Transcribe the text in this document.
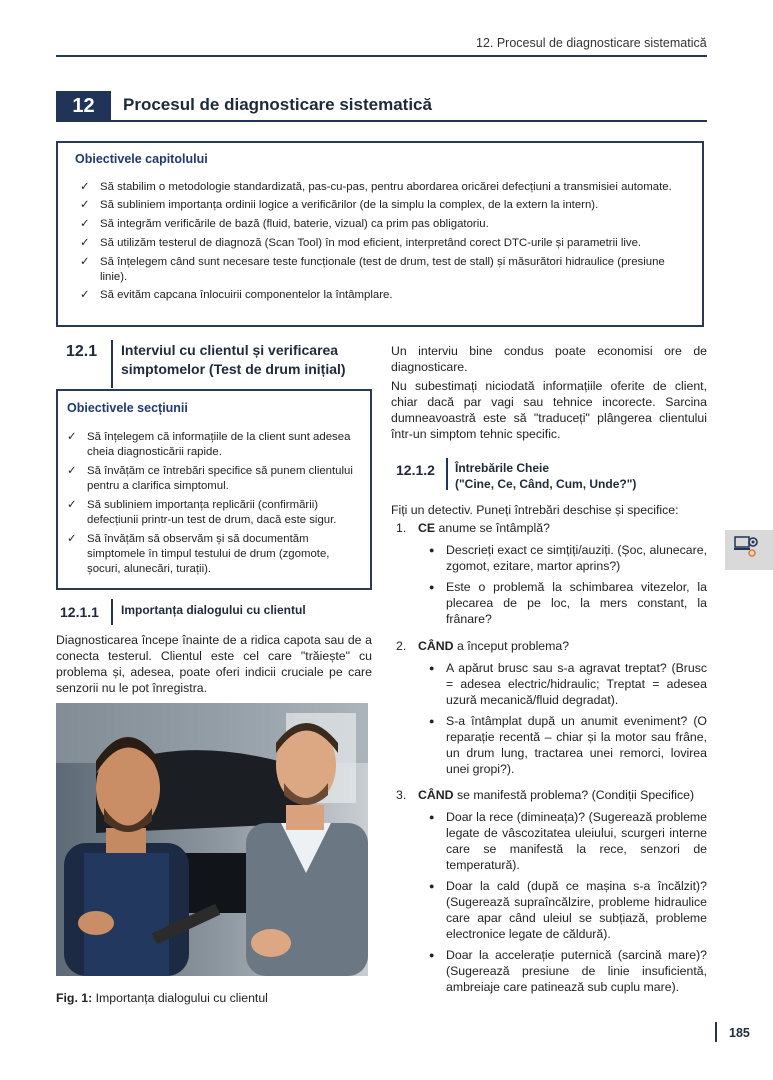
12. Procesul de diagnosticare sistematică
12	Procesul de diagnosticare sistematică
Obiectivele capitolului
✓ Să stabilim o metodologie standardizată, pas-cu-pas, pentru abordarea oricărei defecțiuni a transmisiei automate.
✓ Să subliniem importanța ordinii logice a verificărilor (de la simplu la complex, de la extern la intern).
✓ Să integrăm verificările de bază (fluid, baterie, vizual) ca prim pas obligatoriu.
✓ Să utilizăm testerul de diagnoză (Scan Tool) în mod eficient, interpretând corect DTC-urile și parametrii live.
✓ Să înțelegem când sunt necesare teste funcționale (test de drum, test de stall) și măsurători hidraulice (presiune linie).
✓ Să evităm capcana înlocuirii componentelor la întâmplare.
12.1 Interviul cu clientul și verificarea simptomelor (Test de drum inițial)
Obiectivele secțiunii
✓ Să înțelegem că informațiile de la client sunt adesea cheia diagnosticării rapide.
✓ Să învățăm ce întrebări specifice să punem clientului pentru a clarifica simptomul.
✓ Să subliniem importanța replicării (confirmării) defecțiunii printr-un test de drum, dacă este sigur.
✓ Să învățăm să observăm și să documentăm simptomele în timpul testului de drum (zgomote, șocuri, alunecări, turații).
12.1.1 Importanța dialogului cu clientul

Diagnosticarea începe înainte de a ridica capota sau de a conecta testerul. Clientul este cel care "trăiește" cu problema și, adesea, poate oferi indicii cruciale pe care senzorii nu le pot înregistra.

Fig. 1: Importanța dialogului cu clientul

Un interviu bine condus poate economisi ore de diagnosticare.

Nu subestimați niciodată informațiile oferite de client, chiar dacă par vagi sau tehnice incorecte. Sarcina dumneavoastră este să "traduceți" plângerea clientului într-un simptom tehnic specific.

12.1.2 Întrebările Cheie
("Cine, Ce, Când, Cum, Unde?")

Fiți un detectiv. Puneți întrebări deschise și specifice:

1. CE anume se întâmplă?
● Descrieți exact ce simțiți/auziți. (Șoc, alunecare, zgomot, ezitare, martor aprins?)
● Este o problemă la schimbarea vitezelor, la plecarea de pe loc, la mers constant, la frânare?
2. CÂND a început problema?
● A apărut brusc sau s-a agravat treptat? (Brusc = adesea electric/hidraulic; Treptat = adesea uzură mecanică/fluid degradat).
● S-a întâmplat după un anumit eveniment? (O reparație recentă – chiar și la motor sau frâne, un drum lung, tractarea unei remorci, lovirea unei gropi?).
3. CÂND se manifestă problema? (Condiții Specifice)
● Doar la rece (dimineața)? (Sugerează probleme legate de vâscozitatea uleiului, scurgeri interne care se manifestă la rece, senzori de temperatură).
● Doar la cald (după ce mașina s-a încălzit)? (Sugerează supraîncălzire, probleme hidraulice care apar când uleiul se subțiază, probleme electronice legate de căldură).
● Doar la accelerație puternică (sarcină mare)? (Sugerează presiune de linie insuficientă, ambreiaje care patinează sub cuplu mare).
185
